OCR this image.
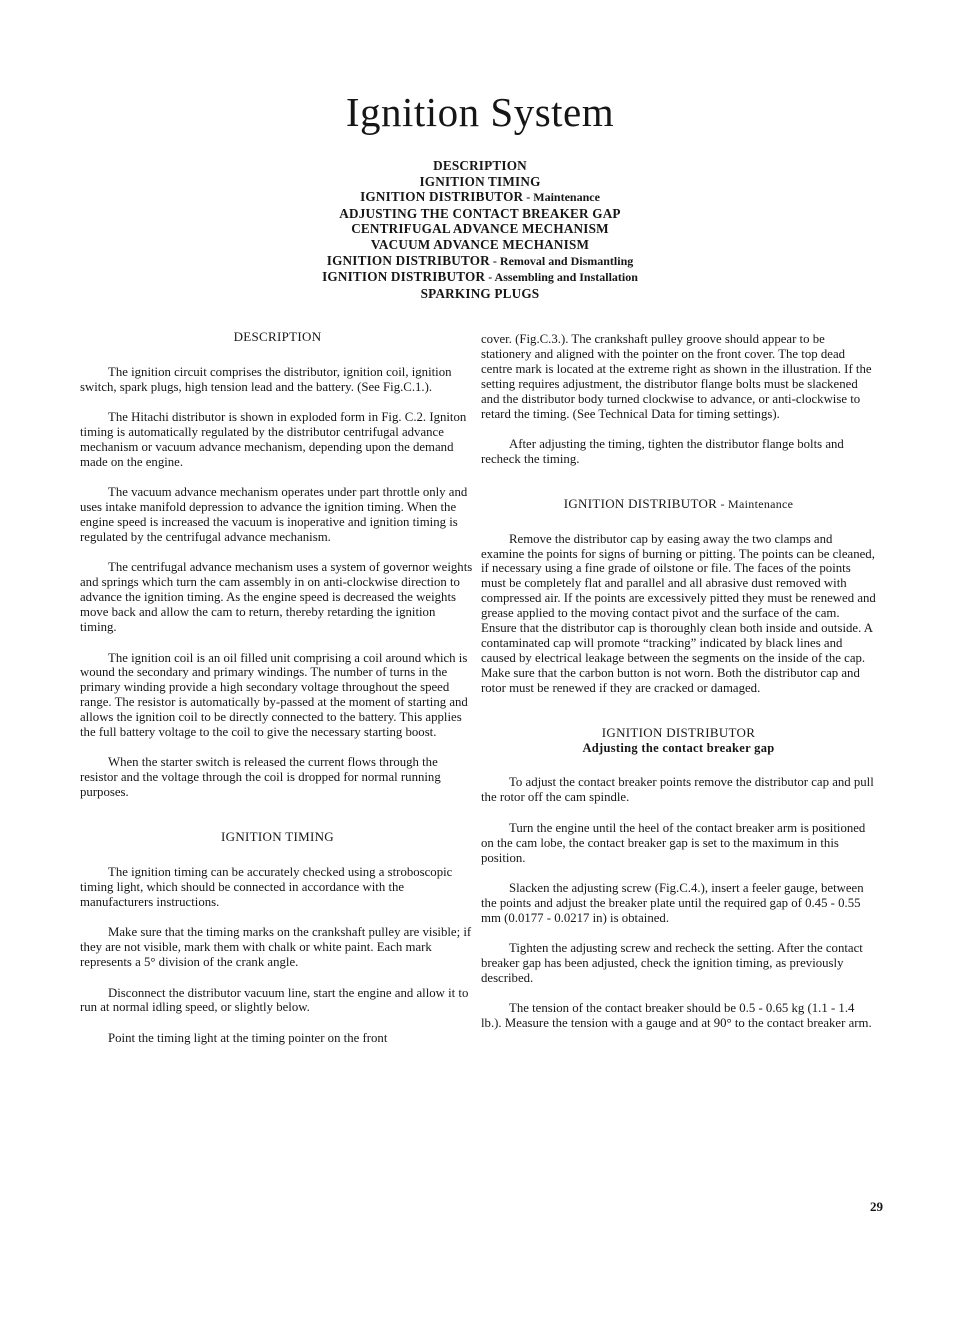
Ignition System
DESCRIPTION
IGNITION TIMING
IGNITION DISTRIBUTOR - Maintenance
ADJUSTING THE CONTACT BREAKER GAP
CENTRIFUGAL ADVANCE MECHANISM
VACUUM ADVANCE MECHANISM
IGNITION DISTRIBUTOR - Removal and Dismantling
IGNITION DISTRIBUTOR - Assembling and Installation
SPARKING PLUGS
DESCRIPTION

The ignition circuit comprises the distributor, ignition coil, ignition switch, spark plugs, high tension lead and the battery. (See Fig.C.1.).

The Hitachi distributor is shown in exploded form in Fig. C.2. Igniton timing is automatically regulated by the distributor centrifugal advance mechanism or vacuum advance mechanism, depending upon the demand made on the engine.

The vacuum advance mechanism operates under part throttle only and uses intake manifold depression to advance the ignition timing. When the engine speed is increased the vacuum is inoperative and ignition timing is regulated by the centrifugal advance mechanism.

The centrifugal advance mechanism uses a system of governor weights and springs which turn the cam assembly in on anti-clockwise direction to advance the ignition timing. As the engine speed is decreased the weights move back and allow the cam to return, thereby retarding the ignition timing.

The ignition coil is an oil filled unit comprising a coil around which is wound the secondary and primary windings. The number of turns in the primary winding provide a high secondary voltage throughout the speed range. The resistor is automatically by-passed at the moment of starting and allows the ignition coil to be directly connected to the battery. This applies the full battery voltage to the coil to give the necessary starting boost.

When the starter switch is released the current flows through the resistor and the voltage through the coil is dropped for normal running purposes.

IGNITION TIMING

The ignition timing can be accurately checked using a stroboscopic timing light, which should be connected in accordance with the manufacturers instructions.

Make sure that the timing marks on the crankshaft pulley are visible; if they are not visible, mark them with chalk or white paint. Each mark represents a 5° division of the crank angle.

Disconnect the distributor vacuum line, start the engine and allow it to run at normal idling speed, or slightly below.

Point the timing light at the timing pointer on the front

cover. (Fig.C.3.). The crankshaft pulley groove should appear to be stationery and aligned with the pointer on the front cover. The top dead centre mark is located at the extreme right as shown in the illustration. If the setting requires adjustment, the distributor flange bolts must be slackened and the distributor body turned clockwise to advance, or anti-clockwise to retard the timing. (See Technical Data for timing settings).

After adjusting the timing, tighten the distributor flange bolts and recheck the timing.

IGNITION DISTRIBUTOR - Maintenance

Remove the distributor cap by easing away the two clamps and examine the points for signs of burning or pitting. The points can be cleaned, if necessary using a fine grade of oilstone or file. The faces of the points must be completely flat and parallel and all abrasive dust removed with compressed air. If the points are excessively pitted they must be renewed and grease applied to the moving contact pivot and the surface of the cam. Ensure that the distributor cap is thoroughly clean both inside and outside. A contaminated cap will promote “tracking” indicated by black lines and caused by electrical leakage between the segments on the inside of the cap. Make sure that the carbon button is not worn. Both the distributor cap and rotor must be renewed if they are cracked or damaged.

IGNITION DISTRIBUTOR
Adjusting the contact breaker gap

To adjust the contact breaker points remove the distributor cap and pull the rotor off the cam spindle.

Turn the engine until the heel of the contact breaker arm is positioned on the cam lobe, the contact breaker gap is set to the maximum in this position.

Slacken the adjusting screw (Fig.C.4.), insert a feeler gauge, between the points and adjust the breaker plate until the required gap of 0.45 - 0.55 mm (0.0177 - 0.0217 in) is obtained.

Tighten the adjusting screw and recheck the setting. After the contact breaker gap has been adjusted, check the ignition timing, as previously described.

The tension of the contact breaker should be 0.5 - 0.65 kg (1.1 - 1.4 lb.). Measure the tension with a gauge and at 90° to the contact breaker arm.

29
